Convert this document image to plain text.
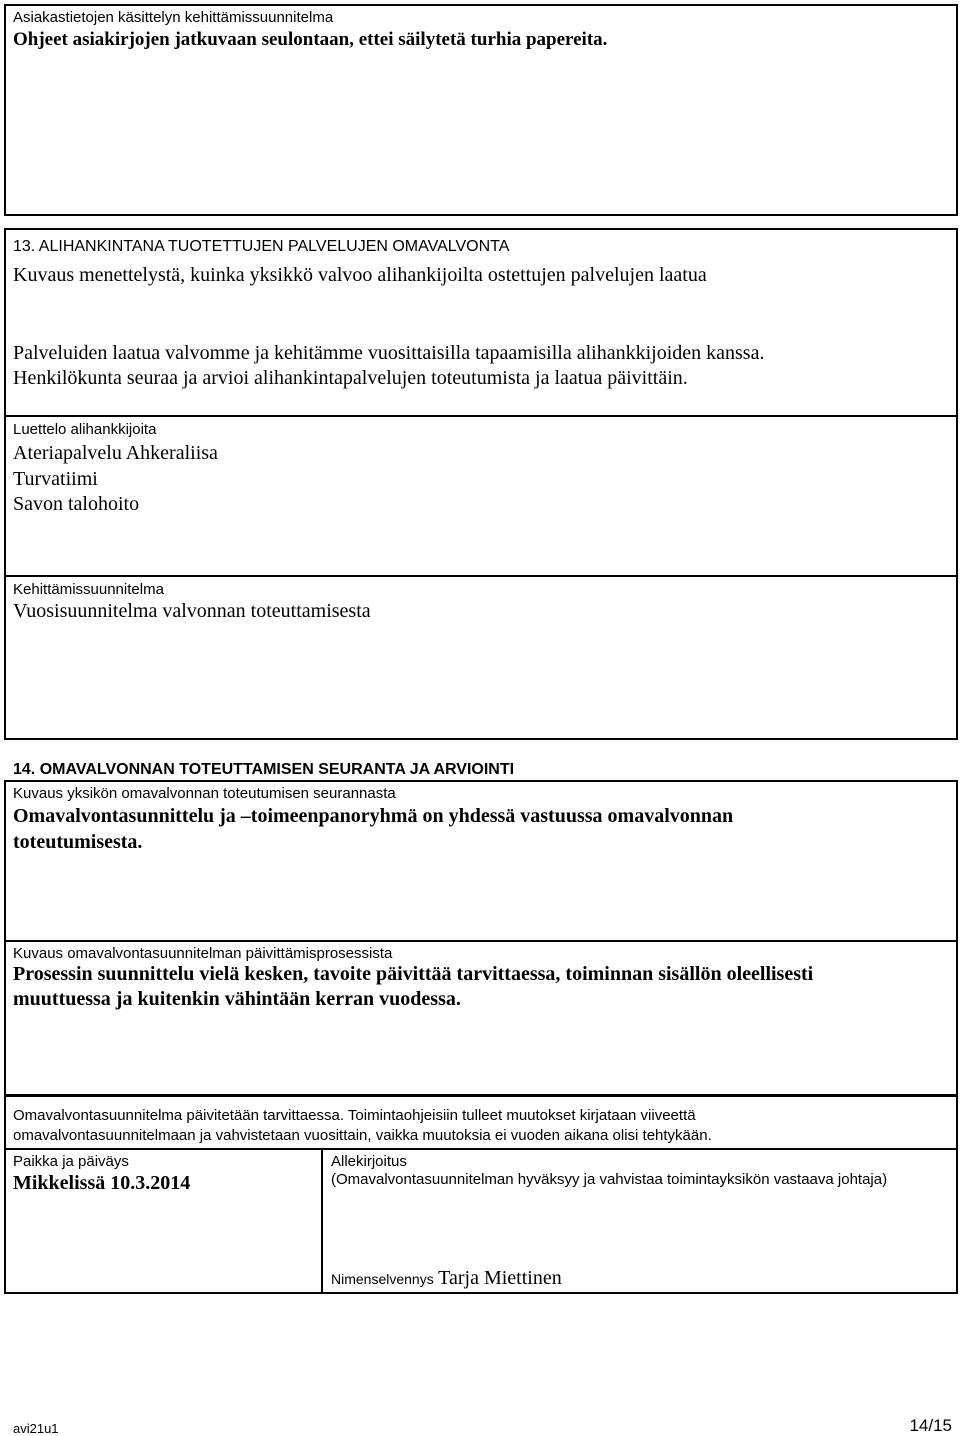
Asiakastietojen käsittelyn kehittämissuunnitelma
Ohjeet asiakirjojen jatkuvaan seulontaan, ettei säilytetä turhia papereita.
13. ALIHANKINTANA TUOTETTUJEN PALVELUJEN OMAVALVONTA
Kuvaus menettelystä, kuinka yksikkö valvoo alihankijoilta ostettujen palvelujen laatua
Palveluiden laatua valvomme ja kehitämme vuosittaisilla tapaamisilla alihankkijoiden kanssa.
Henkilökunta seuraa ja arvioi alihankintapalvelujen toteutumista ja laatua päivittäin.
Luettelo alihankkijoita
Ateriapalvelu Ahkeraliisa
Turvatiimi
Savon talohoito
Kehittämissuunnitelma
Vuosisuunnitelma valvonnan toteuttamisesta
14. OMAVALVONNAN TOTEUTTAMISEN SEURANTA JA ARVIOINTI
Kuvaus yksikön omavalvonnan toteutumisen seurannasta
Omavalvontasunnittelu ja –toimeenpanoryhmä on yhdessä vastuussa omavalvonnan
toteutumisesta.
Kuvaus omavalvontasuunnitelman päivittämisprosessista
Prosessin suunnittelu vielä kesken, tavoite päivittää tarvittaessa, toiminnan sisällön oleellisesti
muuttuessa ja kuitenkin vähintään kerran vuodessa.
Omavalvontasuunnitelma päivitetään tarvittaessa. Toimintaohjeisiin tulleet muutokset kirjataan viiveettä
omavalvontasuunnitelmaan ja vahvistetaan vuosittain, vaikka muutoksia ei vuoden aikana olisi tehtykään.
Paikka ja päiväys
Mikkelissä 10.3.2014
Allekirjoitus
(Omavalvontasuunnitelman hyväksyy ja vahvistaa toimintayksikön vastaava johtaja)
Nimenselvennys Tarja Miettinen
avi21u1	14/15
